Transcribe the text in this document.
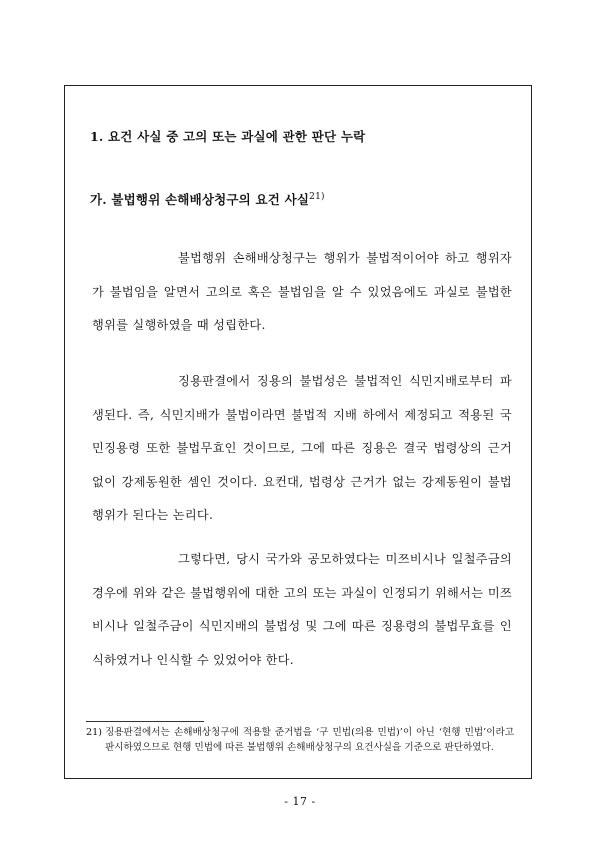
1. 요건 사실 중 고의 또는 과실에 관한 판단 누락
가. 불법행위 손해배상청구의 요건 사실$^{21)}$

불법행위 손해배상청구는 행위가 불법적이어야 하고 행위자가 불법임을 알면서 고의로 혹은 불법임을 알 수 있었음에도 과실로 불법한 행위를 실행하였을 때 성립한다.

징용판결에서 징용의 불법성은 불법적인 식민지배로부터 파생된다. 즉, 식민지배가 불법이라면 불법적 지배 하에서 제정되고 적용된 국민징용령 또한 불법무효인 것이므로, 그에 따른 징용은 결국 법령상의 근거 없이 강제동원한 셈인 것이다. 요컨대, 법령상 근거가 없는 강제동원이 불법행위가 된다는 논리다.

그렇다면, 당시 국가와 공모하였다는 미쯔비시나 일철주금의 경우에 위와 같은 불법행위에 대한 고의 또는 과실이 인정되기 위해서는 미쯔비시나 일철주금이 식민지배의 불법성 및 그에 따른 징용령의 불법무효를 인식하였거나 인식할 수 있었어야 한다.

21) 징용판결에서는 손해배상청구에 적용할 준거법을 ‘구 민법(의용 민법)’이 아닌 ‘현행 민법’이라고 판시하였으므로 현행 민법에 따른 불법행위 손해배상청구의 요건사실을 기준으로 판단하였다.

- 17 -
